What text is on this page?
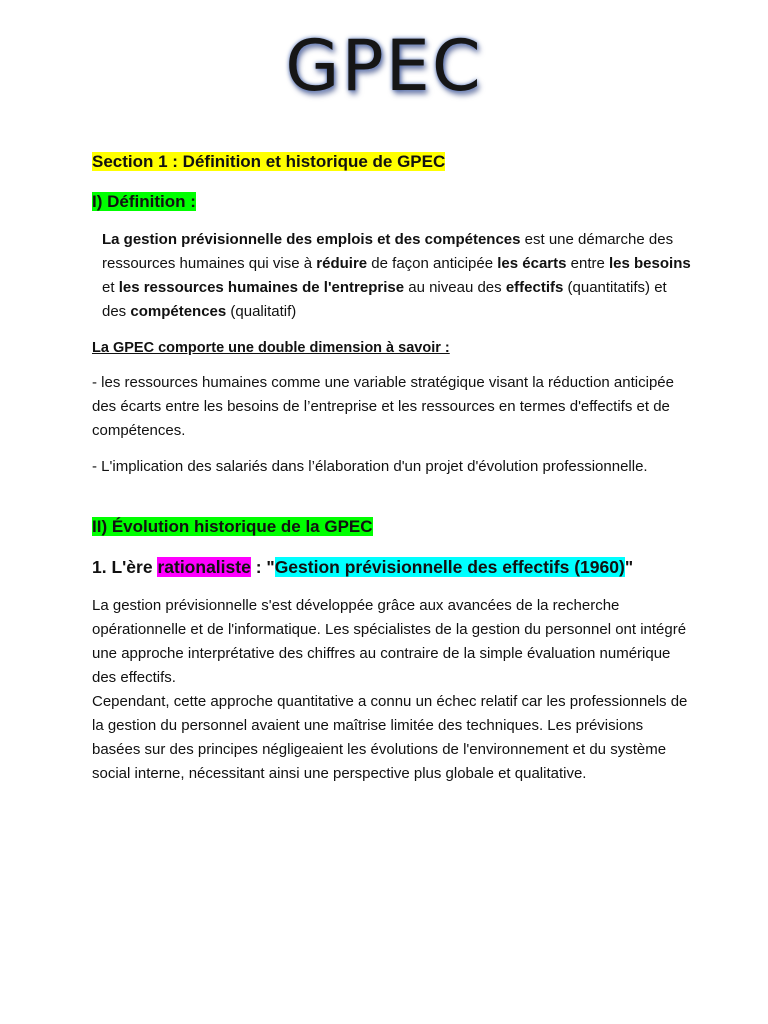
GPEC
Section 1 : Définition et historique de GPEC
I) Définition :

La gestion prévisionnelle des emplois et des compétences est une démarche des ressources humaines qui vise à réduire de façon anticipée les écarts entre les besoins et les ressources humaines de l'entreprise au niveau des effectifs (quantitatifs) et des compétences (qualitatif)

La GPEC comporte une double dimension à savoir :

- les ressources humaines comme une variable stratégique visant la réduction anticipée des écarts entre les besoins de l’entreprise et les ressources en termes d'effectifs et de compétences.

- L'implication des salariés dans l’élaboration d'un projet d'évolution professionnelle.

II) Évolution historique de la GPEC
1. L'ère rationaliste : "Gestion prévisionnelle des effectifs (1960)"
La gestion prévisionnelle s'est développée grâce aux avancées de la recherche opérationnelle et de l'informatique. Les spécialistes de la gestion du personnel ont intégré une approche interprétative des chiffres au contraire de la simple évaluation numérique des effectifs.
Cependant, cette approche quantitative a connu un échec relatif car les professionnels de la gestion du personnel avaient une maîtrise limitée des techniques. Les prévisions basées sur des principes négligeaient les évolutions de l'environnement et du système social interne, nécessitant ainsi une perspective plus globale et qualitative.
